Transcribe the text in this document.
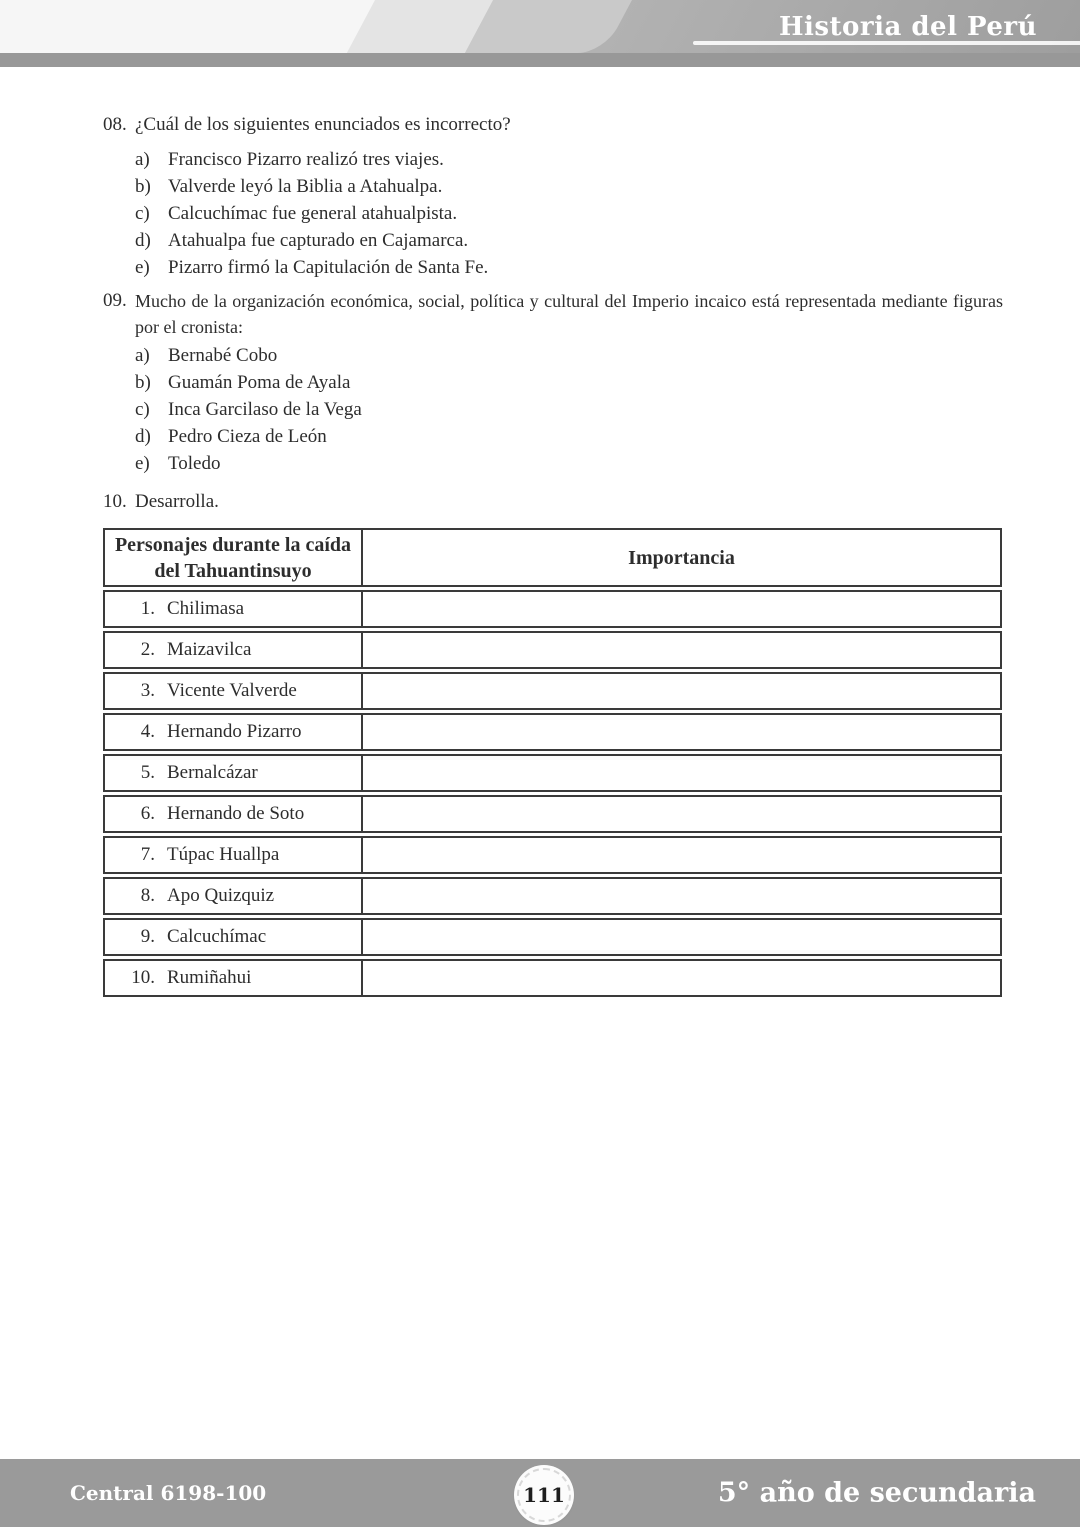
Historia del Perú
08. ¿Cuál de los siguientes enunciados es incorrecto?
a) Francisco Pizarro realizó tres viajes.
b) Valverde leyó la Biblia a Atahualpa.
c) Calcuchímac fue general atahualpista.
d) Atahualpa fue capturado en Cajamarca.
e) Pizarro firmó la Capitulación de Santa Fe.
09. Mucho de la organización económica, social, política y cultural del Imperio incaico está representada mediante figuras por el cronista:
a) Bernabé Cobo
b) Guamán Poma de Ayala
c) Inca Garcilaso de la Vega
d) Pedro Cieza de León
e) Toledo
10. Desarrolla.
Personajes durante la caída del Tahuantinsuyo
Importancia
1. Chilimasa
2. Maizavilca
3. Vicente Valverde
4. Hernando Pizarro
5. Bernalcázar
6. Hernando de Soto
7. Túpac Huallpa
8. Apo Quizquiz
9. Calcuchímac
10. Rumiñahui
Central 6198-100	111	5° año de secundaria
